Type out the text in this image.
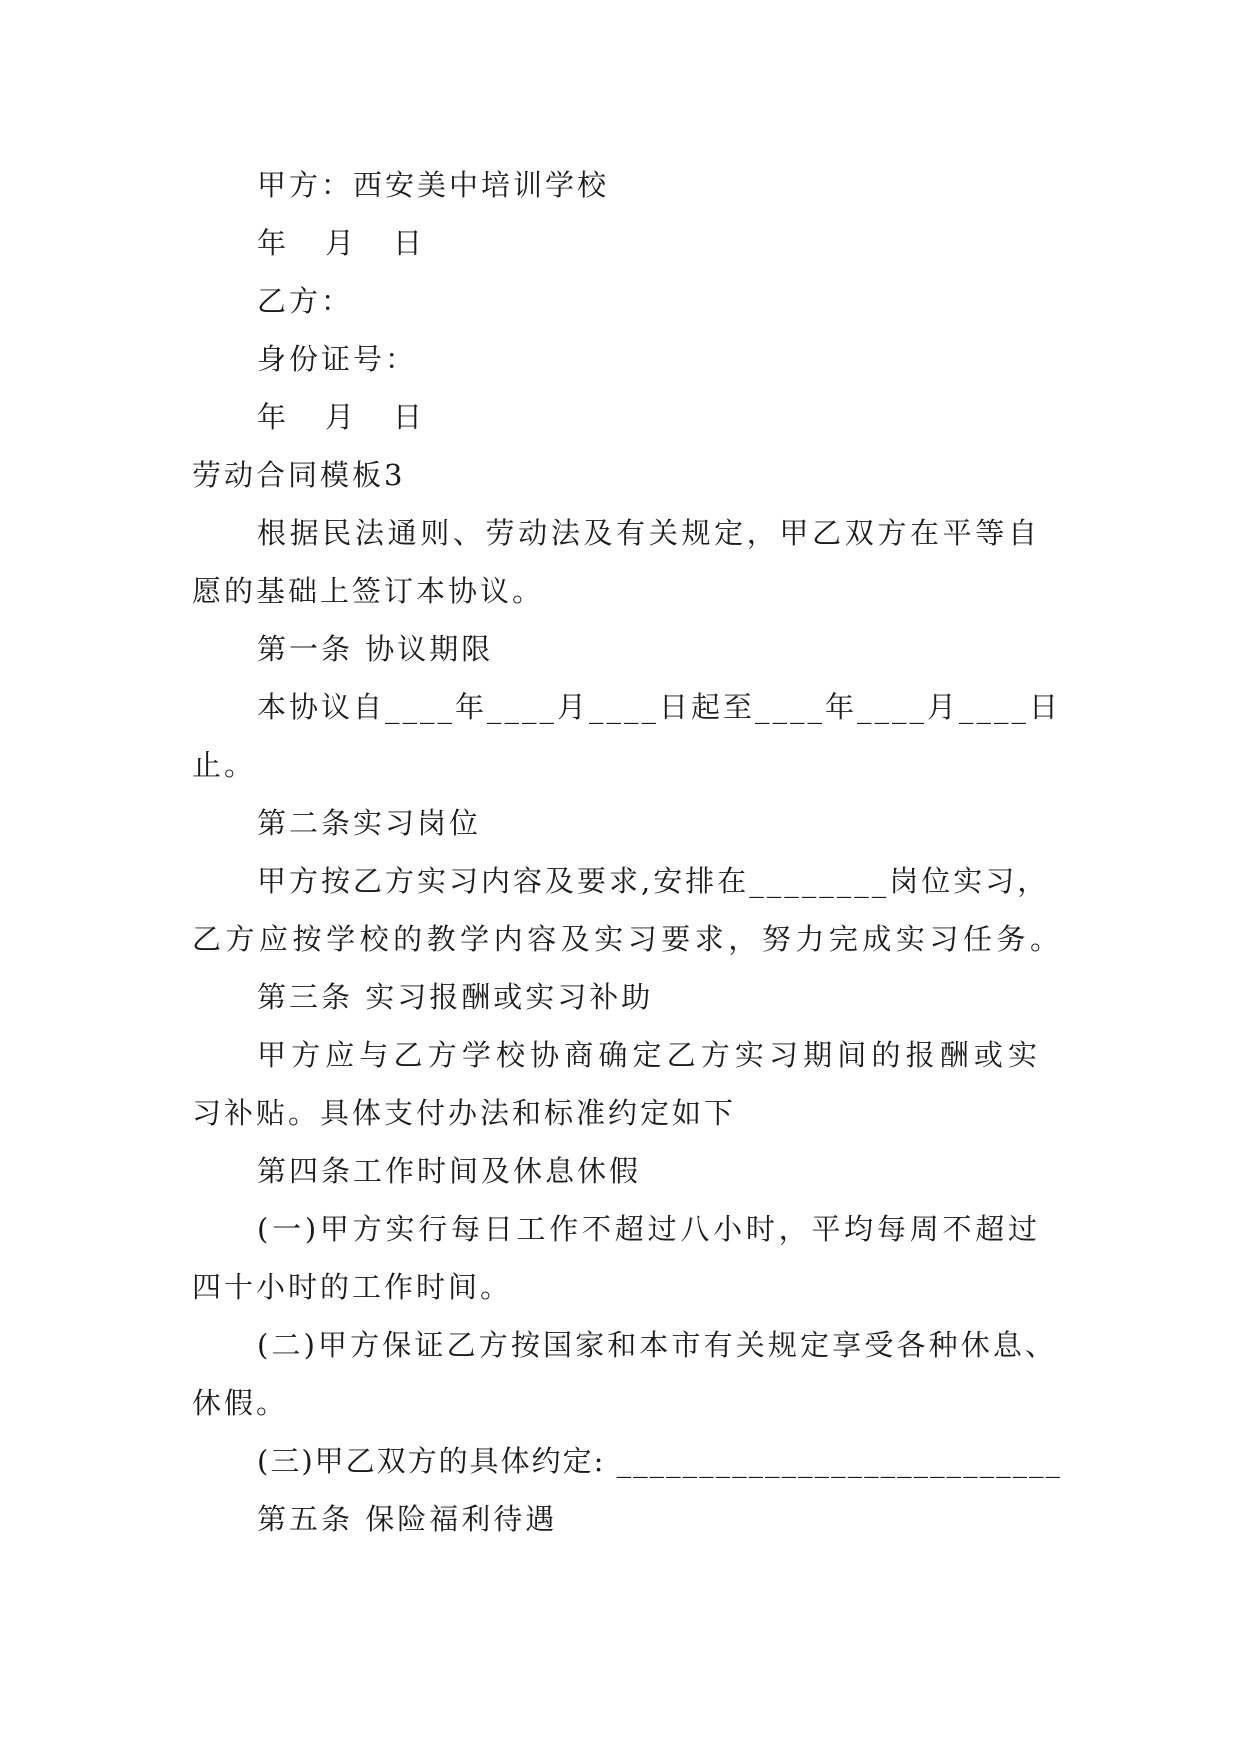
甲方：西安美中培训学校
年　月　日
乙方：
身份证号：
年　月　日
劳动合同模板3
根据民法通则、劳动法及有关规定，甲乙双方在平等自
愿的基础上签订本协议。
第一条 协议期限
本协议自____年____月____日起至____年____月____日
止。
第二条实习岗位
甲方按乙方实习内容及要求,安排在________岗位实习，
乙方应按学校的教学内容及实习要求，努力完成实习任务。
第三条 实习报酬或实习补助
甲方应与乙方学校协商确定乙方实习期间的报酬或实
习补贴。具体支付办法和标准约定如下
第四条工作时间及休息休假
(一)甲方实行每日工作不超过八小时，平均每周不超过
四十小时的工作时间。
(二)甲方保证乙方按国家和本市有关规定享受各种休息、
休假。
(三)甲乙双方的具体约定: ___________________________
第五条 保险福利待遇
